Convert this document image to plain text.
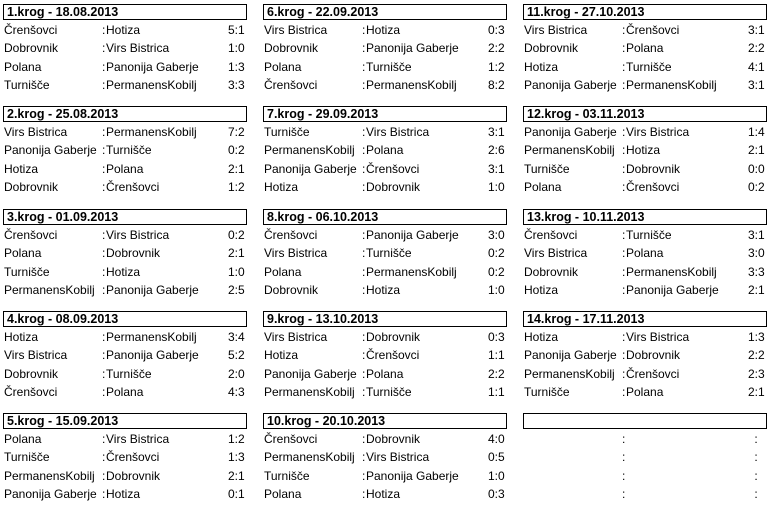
1.krog - 18.08.2013
Črenšovci	: Hotiza	5:1
Dobrovnik	: Virs Bistrica	1:0
Polana	: Panonija Gaberje 1:3
Turnišče	: PermanensKobilj	3:3
2.krog - 25.08.2013
Virs Bistrica	: PermanensKobilj	7:2
Panonija Gaberje : Turnišče	0:2
Hotiza	: Polana	2:1
Dobrovnik	: Črenšovci	1:2
3.krog - 01.09.2013
Črenšovci	: Virs Bistrica	0:2
Polana	: Dobrovnik	2:1
Turnišče	: Hotiza	1:0
PermanensKobilj : Panonija Gaberje 2:5
4.krog - 08.09.2013
Hotiza	: PermanensKobilj	3:4
Virs Bistrica	: Panonija Gaberje 5:2
Dobrovnik	: Turnišče	2:0
Črenšovci	: Polana	4:3
5.krog - 15.09.2013
Polana	: Virs Bistrica	1:2
Turnišče	: Črenšovci	1:3
PermanensKobilj : Dobrovnik	2:1
Panonija Gaberje : Hotiza	0:1
6.krog - 22.09.2013
Virs Bistrica	: Hotiza	0:3
Dobrovnik	: Panonija Gaberje 2:2
Polana	: Turnišče	1:2
Črenšovci	: PermanensKobilj	8:2
7.krog - 29.09.2013
Turnišče	: Virs Bistrica	3:1
PermanensKobilj : Polana	2:6
Panonija Gaberje : Črenšovci	3:1
Hotiza	: Dobrovnik	1:0
8.krog - 06.10.2013
Črenšovci	: Panonija Gaberje 3:0
Virs Bistrica	: Turnišče	0:2
Polana	: PermanensKobilj	0:2
Dobrovnik	: Hotiza	1:0
9.krog - 13.10.2013
Virs Bistrica	: Dobrovnik	0:3
Hotiza	: Črenšovci	1:1
Panonija Gaberje : Polana	2:2
PermanensKobilj : Turnišče	1:1
10.krog - 20.10.2013
Črenšovci	: Dobrovnik	4:0
PermanensKobilj : Virs Bistrica	0:5
Turnišče	: Panonija Gaberje 1:0
Polana	: Hotiza	0:3
11.krog - 27.10.2013
Virs Bistrica	: Črenšovci	3:1
Dobrovnik	: Polana	2:2
Hotiza	: Turnišče	4:1
Panonija Gaberje : PermanensKobilj	3:1
12.krog - 03.11.2013
Panonija Gaberje : Virs Bistrica	1:4
PermanensKobilj : Hotiza	2:1
Turnišče	: Dobrovnik	0:0
Polana	: Črenšovci	0:2
13.krog - 10.11.2013
Črenšovci	: Turnišče	3:1
Virs Bistrica	: Polana	3:0
Dobrovnik	: PermanensKobilj	3:3
Hotiza	: Panonija Gaberje 2:1
14.krog - 17.11.2013
Hotiza	: Virs Bistrica	1:3
Panonija Gaberje : Dobrovnik	2:2
PermanensKobilj : Črenšovci	2:3
Turnišče	: Polana	2:1
:	:
:	:
:	:
:	:
